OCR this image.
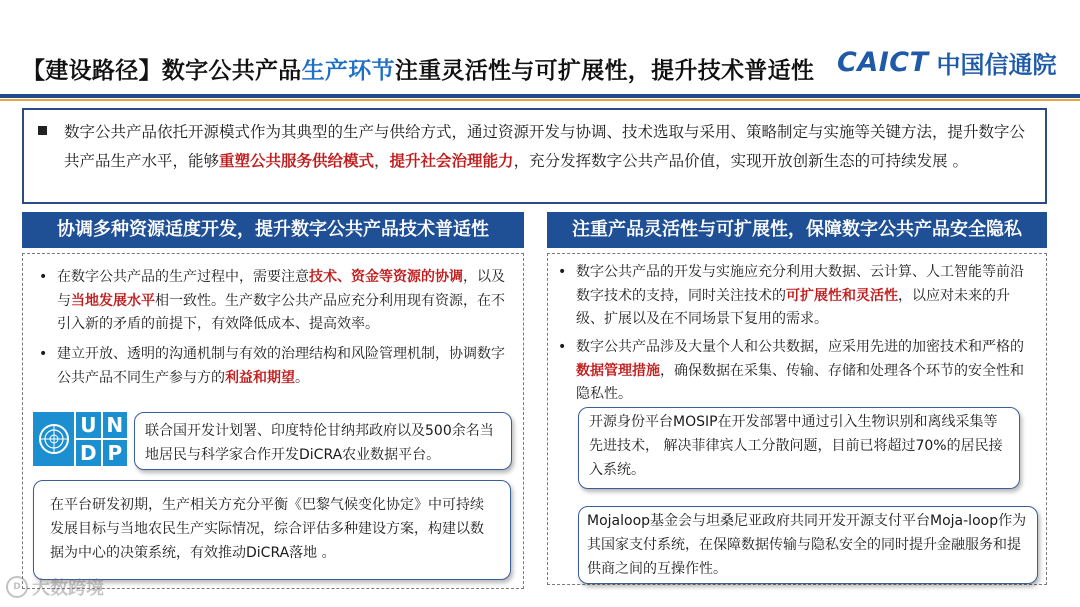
【建设路径】数字公共产品生产环节注重灵活性与可扩展性，提升技术普适性 CAICT 中国信通院
数字公共产品依托开源模式作为其典型的生产与供给方式，通过资源开发与协调、技术选取与采用、策略制定与实施等关键方法，提升数字公共产品生产水平，能够重塑公共服务供给模式，提升社会治理能力，充分发挥数字公共产品价值，实现开放创新生态的可持续发展 。
协调多种资源适度开发，提升数字公共产品技术普适性
• 在数字公共产品的生产过程中，需要注意技术、资金等资源的协调，以及与当地发展水平相一致性。生产数字公共产品应充分利用现有资源，在不引入新的矛盾的前提下，有效降低成本、提高效率。
• 建立开放、透明的沟通机制与有效的治理结构和风险管理机制，协调数字公共产品不同生产参与方的利益和期望。
U N
D P
联合国开发计划署、印度特伦甘纳邦政府以及500余名当地居民与科学家合作开发DiCRA农业数据平台。
在平台研发初期，生产相关方充分平衡《巴黎气候变化协定》中可持续发展目标与当地农民生产实际情况，综合评估多种建设方案，构建以数据为中心的决策系统，有效推动DiCRA落地 。
注重产品灵活性与可扩展性，保障数字公共产品安全隐私
• 数字公共产品的开发与实施应充分利用大数据、云计算、人工智能等前沿数字技术的支持，同时关注技术的可扩展性和灵活性，以应对未来的升级、扩展以及在不同场景下复用的需求。
• 数字公共产品涉及大量个人和公共数据，应采用先进的加密技术和严格的数据管理措施，确保数据在采集、传输、存储和处理各个环节的安全性和隐私性。
开源身份平台MOSIP在开发部署中通过引入生物识别和离线采集等先进技术， 解决菲律宾人工分散问题，目前已将超过70%的居民接入系统。
Mojaloop基金会与坦桑尼亚政府共同开发开源支付平台Moja-loop作为其国家支付系统，在保障数据传输与隐私安全的同时提升金融服务和提供商之间的互操作性。
D 大数跨境
